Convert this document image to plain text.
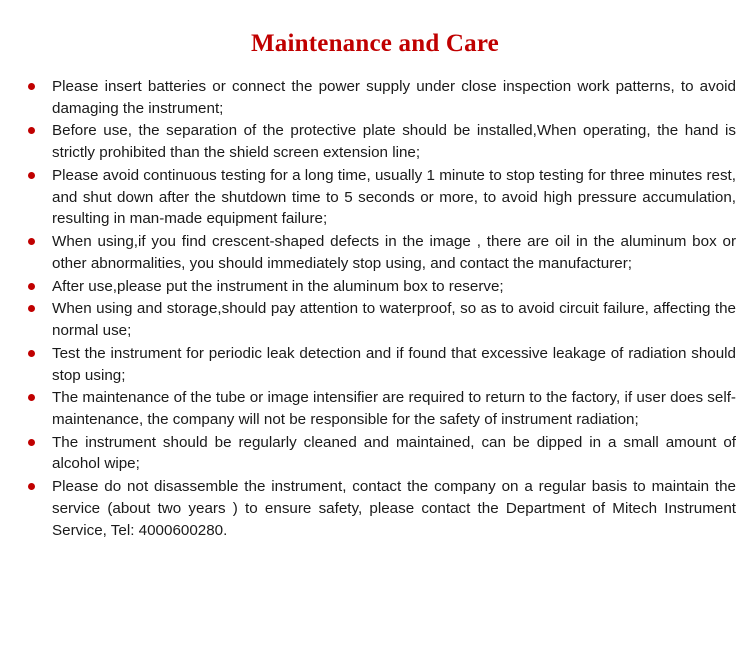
Maintenance and Care
Please insert batteries or connect the power supply under close inspection work patterns, to avoid damaging the instrument;
Before use, the separation of the protective plate should be installed,When operating, the hand is strictly prohibited than the shield screen extension line;
Please avoid continuous testing for a long time, usually 1 minute to stop testing for three minutes rest, and shut down after the shutdown time to 5 seconds or more, to avoid high pressure accumulation, resulting in man-made equipment failure;
When using,if you find crescent-shaped defects in the image , there are oil in the aluminum box or other abnormalities, you should immediately stop using, and contact the manufacturer;
After use,please put the instrument in the aluminum box to reserve;
When using and storage,should pay attention to waterproof, so as to avoid circuit failure, affecting the normal use;
Test the instrument for periodic leak detection and if found that excessive leakage of radiation should stop using;
The maintenance of the tube or image intensifier are required to return to the factory, if user does self-maintenance, the company will not be responsible for the safety of instrument radiation;
The instrument should be regularly cleaned and maintained, can be dipped in a small amount of alcohol wipe;
Please do not disassemble the instrument, contact the company on a regular basis to maintain the service (about two years ) to ensure safety, please contact the Department of Mitech Instrument Service, Tel: 4000600280.
